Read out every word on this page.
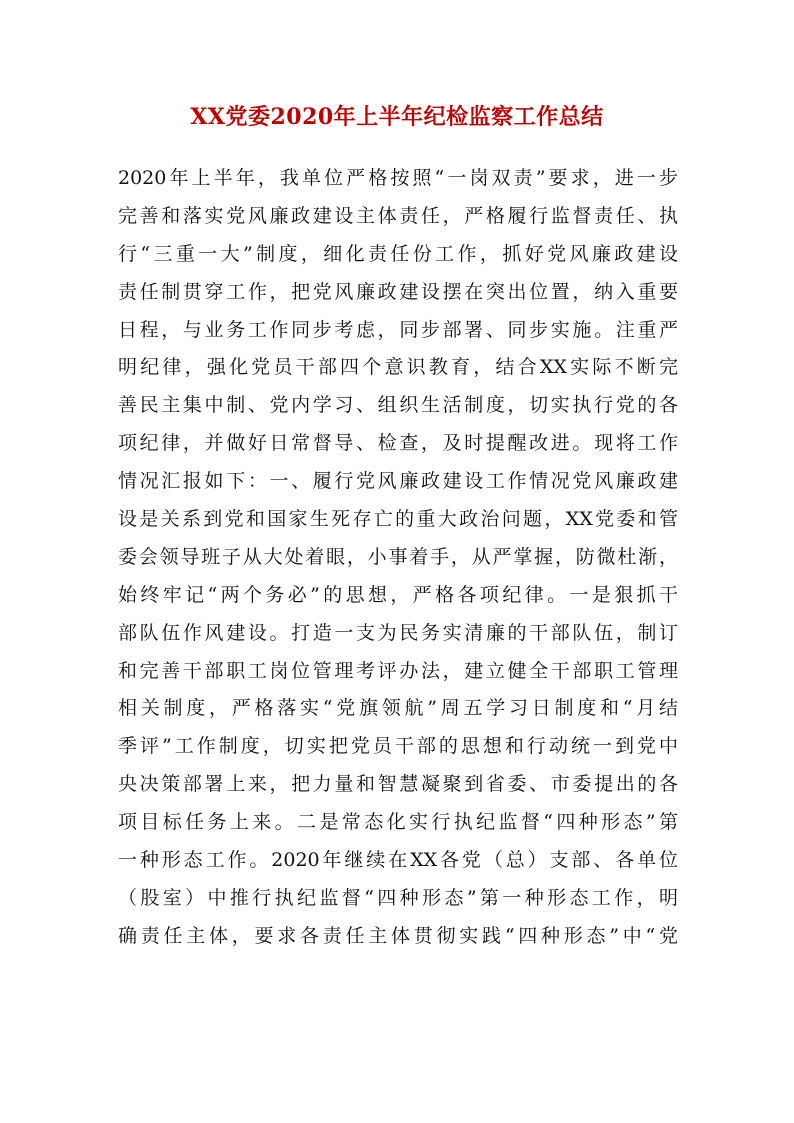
XX党委2020年上半年纪检监察工作总结
2020年上半年，我单位严格按照“一岗双责”要求，进一步
完善和落实党风廉政建设主体责任，严格履行监督责任、执
行“三重一大”制度，细化责任份工作，抓好党风廉政建设
责任制贯穿工作，把党风廉政建设摆在突出位置，纳入重要
日程，与业务工作同步考虑，同步部署、同步实施。注重严
明纪律，强化党员干部四个意识教育，结合XX实际不断完
善民主集中制、党内学习、组织生活制度，切实执行党的各
项纪律，并做好日常督导、检查，及时提醒改进。现将工作
情况汇报如下：一、履行党风廉政建设工作情况党风廉政建
设是关系到党和国家生死存亡的重大政治问题，XX党委和管
委会领导班子从大处着眼，小事着手，从严掌握，防微杜渐，
始终牢记“两个务必”的思想，严格各项纪律。一是狠抓干
部队伍作风建设。打造一支为民务实清廉的干部队伍，制订
和完善干部职工岗位管理考评办法，建立健全干部职工管理
相关制度，严格落实“党旗领航”周五学习日制度和“月结
季评”工作制度，切实把党员干部的思想和行动统一到党中
央决策部署上来，把力量和智慧凝聚到省委、市委提出的各
项目标任务上来。二是常态化实行执纪监督“四种形态”第
一种形态工作。2020年继续在XX各党（总）支部、各单位
（股室）中推行执纪监督“四种形态”第一种形态工作，明
确责任主体，要求各责任主体贯彻实践“四种形态”中“党
